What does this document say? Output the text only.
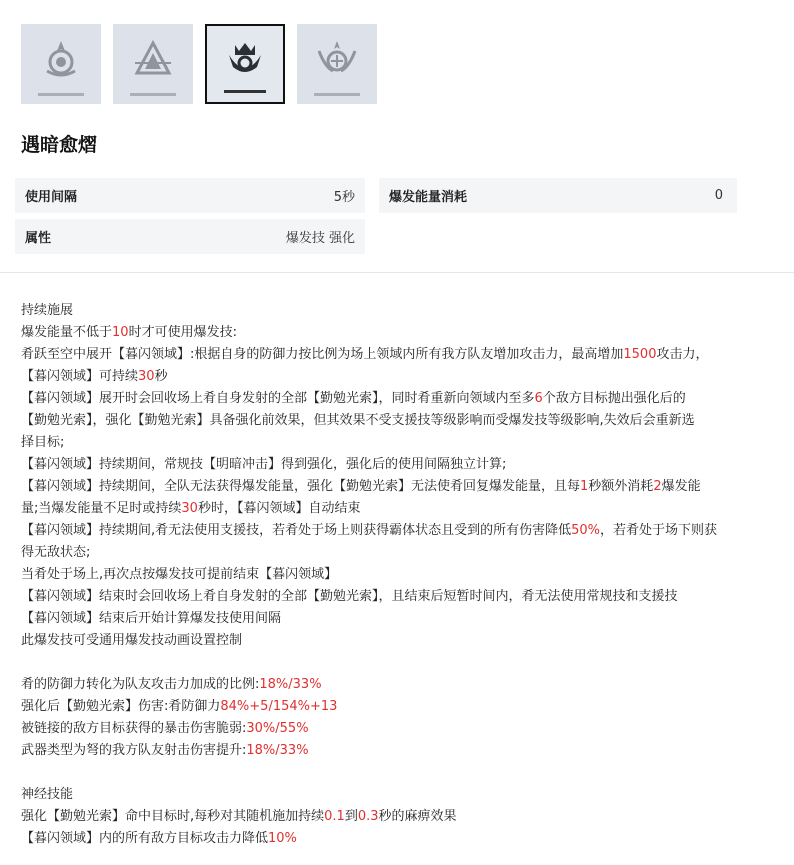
遇暗愈熠
使用间隔	5秒	爆发能量消耗	0
属性	爆发技 强化

持续施展

爆发能量不低于10时才可使用爆发技:

肴跃至空中展开【暮闪领域】:根据自身的防御力按比例为场上领域内所有我方队友增加攻击力，最高增加1500攻击力，

【暮闪领域】可持续30秒

【暮闪领域】展开时会回收场上肴自身发射的全部【勤勉光索】，同时肴重新向领域内至多6个敌方目标抛出强化后的

【勤勉光索】，强化【勤勉光索】具备强化前效果，但其效果不受支援技等级影响而受爆发技等级影响,失效后会重新选

择目标;

【暮闪领域】持续期间，常规技【明暗冲击】得到强化，强化后的使用间隔独立计算;

【暮闪领域】持续期间，全队无法获得爆发能量，强化【勤勉光索】无法使肴回复爆发能量，且每1秒额外消耗2爆发能

量;当爆发能量不足时或持续30秒时，【暮闪领域】自动结束

【暮闪领域】持续期间,肴无法使用支援技，若肴处于场上则获得霸体状态且受到的所有伤害降低50%，若肴处于场下则获

得无敌状态;

当肴处于场上,再次点按爆发技可提前结束【暮闪领域】

【暮闪领域】结束时会回收场上肴自身发射的全部【勤勉光索】，且结束后短暂时间内，肴无法使用常规技和支援技

【暮闪领域】结束后开始计算爆发技使用间隔

此爆发技可受通用爆发技动画设置控制

肴的防御力转化为队友攻击力加成的比例:18%/33%

强化后【勤勉光索】伤害:肴防御力84%+5/154%+13

被链接的敌方目标获得的暴击伤害脆弱:30%/55%

武器类型为弩的我方队友射击伤害提升:18%/33%

神经技能

强化【勤勉光索】命中目标时,每秒对其随机施加持续0.1到0.3秒的麻痹效果

【暮闪领域】内的所有敌方目标攻击力降低10%
